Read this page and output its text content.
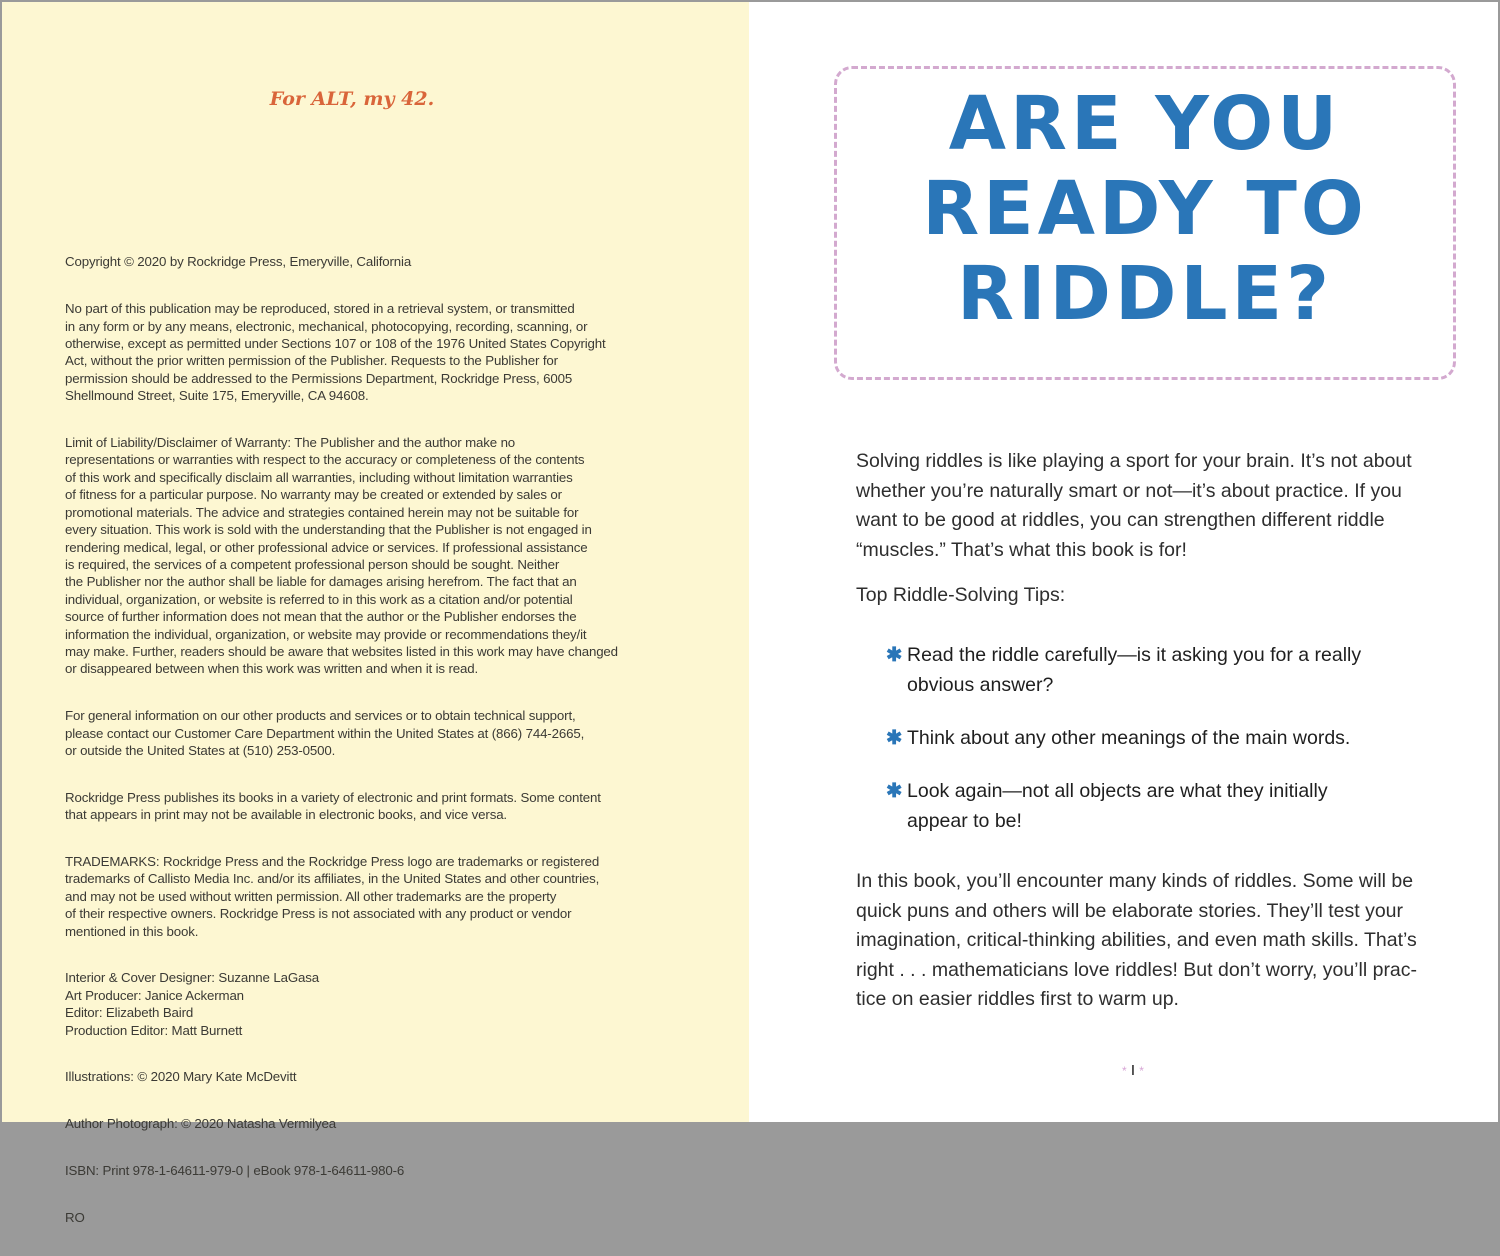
For ALT, my 42.

Copyright © 2020 by Rockridge Press, Emeryville, California

No part of this publication may be reproduced, stored in a retrieval system, or transmitted
in any form or by any means, electronic, mechanical, photocopying, recording, scanning, or
otherwise, except as permitted under Sections 107 or 108 of the 1976 United States Copyright
Act, without the prior written permission of the Publisher. Requests to the Publisher for
permission should be addressed to the Permissions Department, Rockridge Press, 6005
Shellmound Street, Suite 175, Emeryville, CA 94608.

Limit of Liability/Disclaimer of Warranty: The Publisher and the author make no
representations or warranties with respect to the accuracy or completeness of the contents
of this work and specifically disclaim all warranties, including without limitation warranties
of fitness for a particular purpose. No warranty may be created or extended by sales or
promotional materials. The advice and strategies contained herein may not be suitable for
every situation. This work is sold with the understanding that the Publisher is not engaged in
rendering medical, legal, or other professional advice or services. If professional assistance
is required, the services of a competent professional person should be sought. Neither
the Publisher nor the author shall be liable for damages arising herefrom. The fact that an
individual, organization, or website is referred to in this work as a citation and/or potential
source of further information does not mean that the author or the Publisher endorses the
information the individual, organization, or website may provide or recommendations they/it
may make. Further, readers should be aware that websites listed in this work may have changed
or disappeared between when this work was written and when it is read.

For general information on our other products and services or to obtain technical support,
please contact our Customer Care Department within the United States at (866) 744-2665,
or outside the United States at (510) 253-0500.

Rockridge Press publishes its books in a variety of electronic and print formats. Some content
that appears in print may not be available in electronic books, and vice versa.

TRADEMARKS: Rockridge Press and the Rockridge Press logo are trademarks or registered
trademarks of Callisto Media Inc. and/or its affiliates, in the United States and other countries,
and may not be used without written permission. All other trademarks are the property
of their respective owners. Rockridge Press is not associated with any product or vendor
mentioned in this book.

Interior & Cover Designer: Suzanne LaGasa
Art Producer: Janice Ackerman
Editor: Elizabeth Baird
Production Editor: Matt Burnett

Illustrations: © 2020 Mary Kate McDevitt

Author Photograph: © 2020 Natasha Vermilyea

ISBN: Print 978-1-64611-979-0 | eBook 978-1-64611-980-6

RO

ARE YOU
READY TO
RIDDLE?
Solving riddles is like playing a sport for your brain. It’s not about
whether you’re naturally smart or not—it’s about practice. If you
want to be good at riddles, you can strengthen different riddle
“muscles.” That’s what this book is for!
Top Riddle-Solving Tips:
✱ Read the riddle carefully—is it asking you for a really
obvious answer?
✱ Think about any other meanings of the main words.
✱ Look again—not all objects are what they initially
appear to be!
In this book, you’ll encounter many kinds of riddles. Some will be
quick puns and others will be elaborate stories. They’ll test your
imagination, critical-thinking abilities, and even math skills. That’s
right . . . mathematicians love riddles! But don’t worry, you’ll prac-
tice on easier riddles first to warm up.
* I *
